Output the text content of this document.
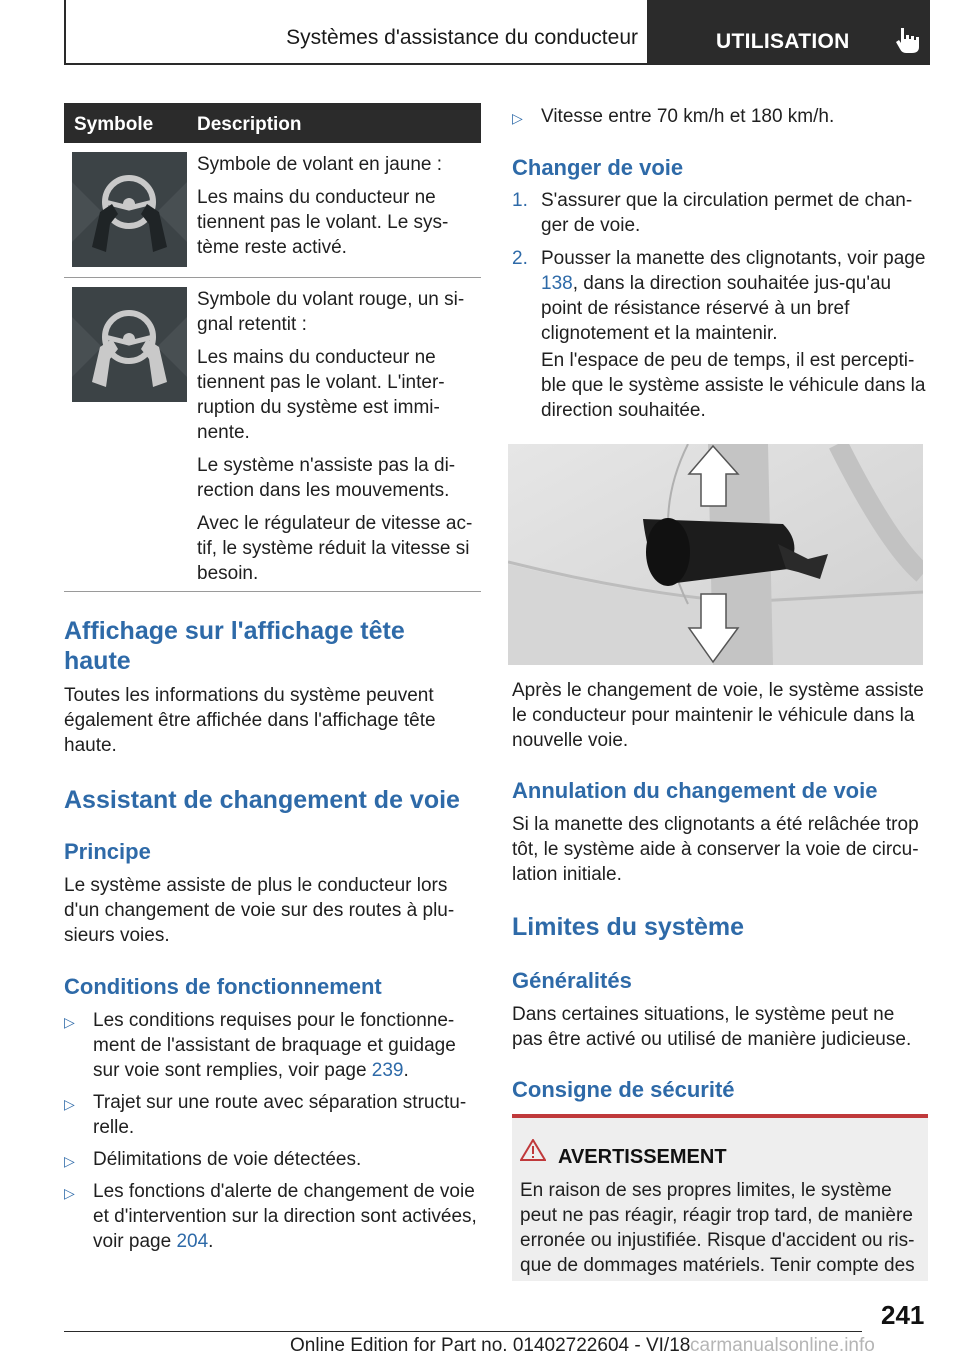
Systèmes d'assistance du conducteur	UTILISATION
Symbole Description

Symbole de volant en jaune :

Les mains du conducteur ne tiennent pas le volant. Le sys-tème reste activé.

Symbole du volant rouge, un si-gnal retentit :

Les mains du conducteur ne tiennent pas le volant. L'inter-ruption du système est immi-nente.

Le système n'assiste pas la di-rection dans les mouvements.

Avec le régulateur de vitesse ac-tif, le système réduit la vitesse si besoin.

Affichage sur l'affichage tête haute
Toutes les informations du système peuvent également être affichée dans l'affichage tête haute.
Assistant de changement de voie
Principe
Le système assiste de plus le conducteur lors d'un changement de voie sur des routes à plu-sieurs voies.
Conditions de fonctionnement
▷ Les conditions requises pour le fonctionne-ment de l'assistant de braquage et guidage sur voie sont remplies, voir page 239.
▷ Trajet sur une route avec séparation structu-relle.
▷ Délimitations de voie détectées.
▷ Les fonctions d'alerte de changement de voie et d'intervention sur la direction sont activées, voir page 204.
▷ Vitesse entre 70 km/h et 180 km/h.
Changer de voie
1. S'assurer que la circulation permet de chan-ger de voie.
2. Pousser la manette des clignotants, voir page 138, dans la direction souhaitée jus-qu'au point de résistance réservé à un bref clignotement et la maintenir.
En l'espace de peu de temps, il est percepti-ble que le système assiste le véhicule dans la direction souhaitée.
Après le changement de voie, le système assiste le conducteur pour maintenir le véhicule dans la nouvelle voie.
Annulation du changement de voie
Si la manette des clignotants a été relâchée trop tôt, le système aide à conserver la voie de circu-lation initiale.
Limites du système
Généralités
Dans certaines situations, le système peut ne pas être activé ou utilisé de manière judicieuse.
Consigne de sécurité
AVERTISSEMENT
En raison de ses propres limites, le système peut ne pas réagir, réagir trop tard, de manière erronée ou injustifiée. Risque d'accident ou ris-que de dommages matériels. Tenir compte des
241
Online Edition for Part no. 01402722604 - VI/18 carmanualsonline.info
